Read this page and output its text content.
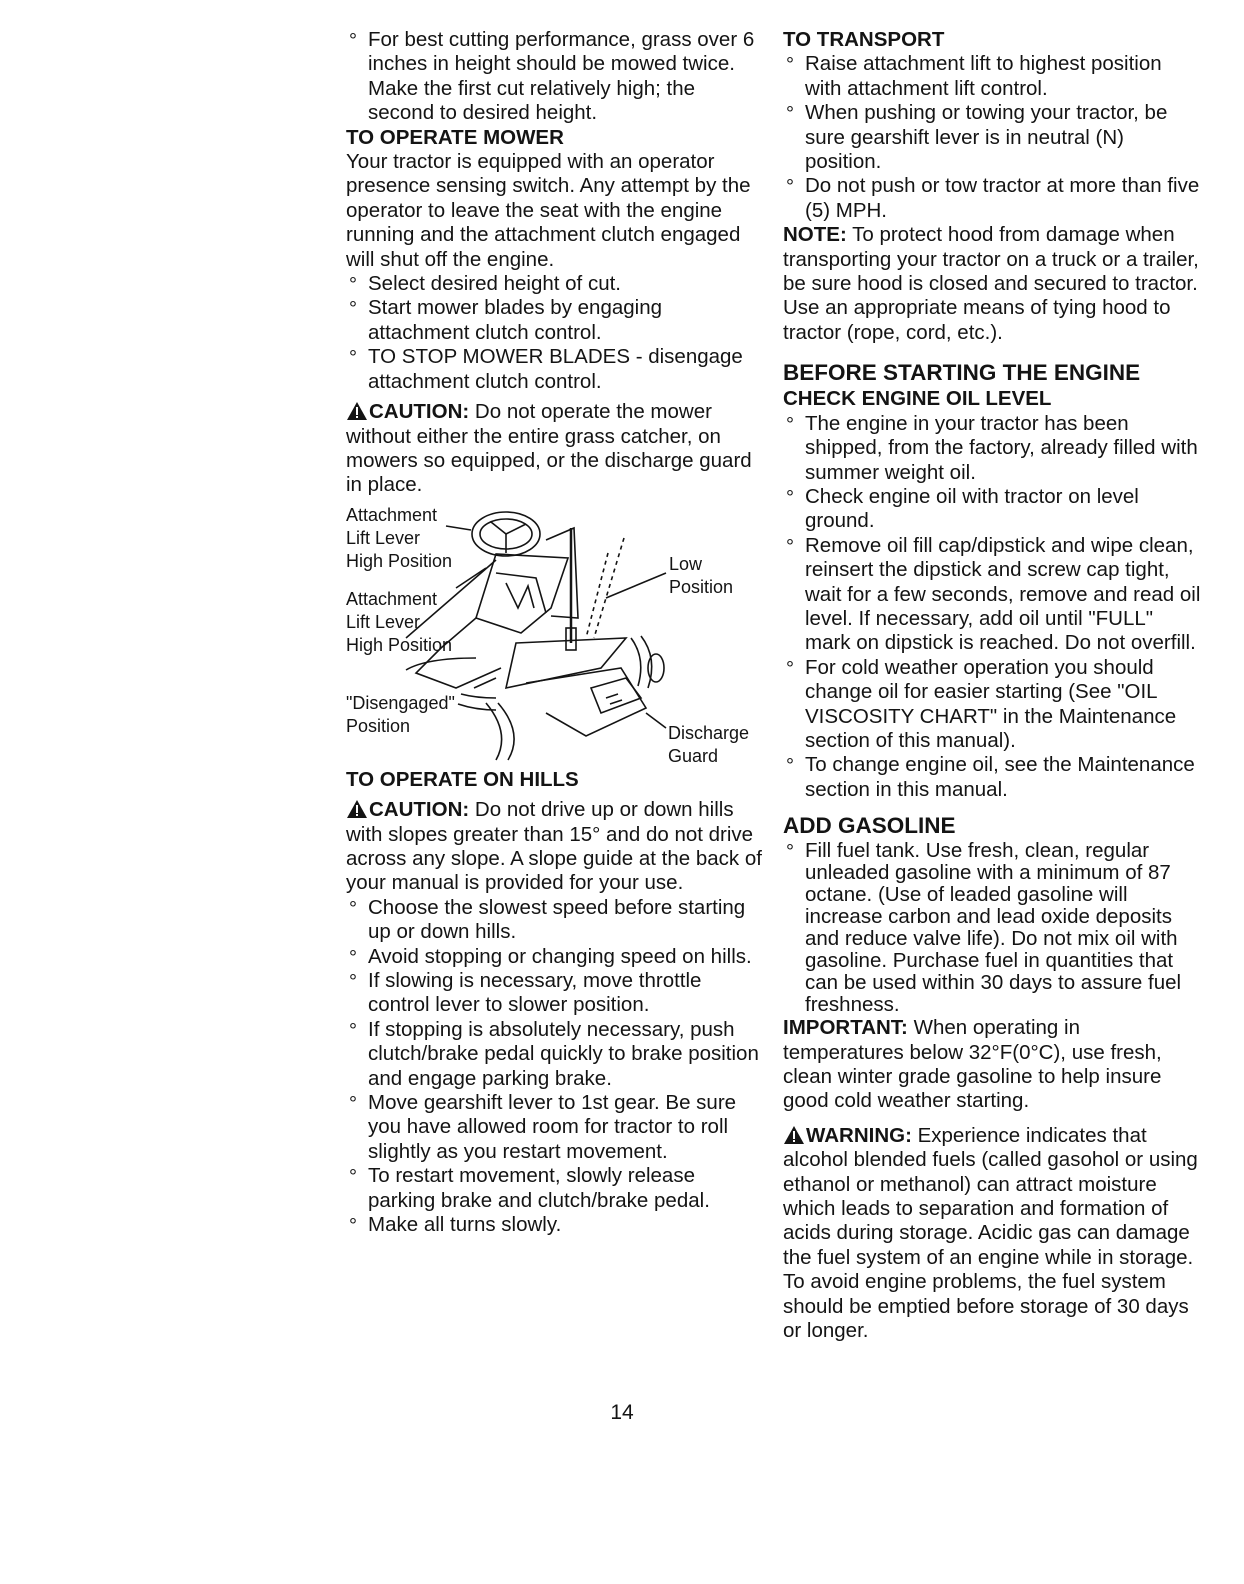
° For best cutting performance, grass over 6 inches in height should be mowed twice. Make the first cut relatively high; the second to desired height.
TO OPERATE MOWER

Your tractor is equipped with an operator presence sensing switch. Any attempt by the operator to leave the seat with the engine running and the attachment clutch engaged will shut off the engine.

° Select desired height of cut.
° Start mower blades by engaging attachment clutch control.
° TO STOP MOWER BLADES - disengage attachment clutch control.

CAUTION: Do not operate the mower without either the entire grass catcher, on mowers so equipped, or the discharge guard in place.

Attachment
Lift Lever
High Position
Attachment
Lift Lever
High Position
Low
Position
"Disengaged"
Position	Discharge
Guard
TO OPERATE ON HILLS

CAUTION: Do not drive up or down hills with slopes greater than 15° and do not drive across any slope. A slope guide at the back of your manual is provided for your use.

° Choose the slowest speed before starting up or down hills.
° Avoid stopping or changing speed on hills.
° If slowing is necessary, move throttle control lever to slower position.
° If stopping is absolutely necessary, push clutch/brake pedal quickly to brake position and engage parking brake.
° Move gearshift lever to 1st gear. Be sure you have allowed room for tractor to roll slightly as you restart movement.
° To restart movement, slowly release parking brake and clutch/brake pedal.
° Make all turns slowly.
TO TRANSPORT
° Raise attachment lift to highest position with attachment lift control.
° When pushing or towing your tractor, be sure gearshift lever is in neutral (N) position.
° Do not push or tow tractor at more than five (5) MPH.

NOTE: To protect hood from damage when transporting your tractor on a truck or a trailer, be sure hood is closed and secured to tractor. Use an appropriate means of tying hood to tractor (rope, cord, etc.).

BEFORE STARTING THE ENGINE
CHECK ENGINE OIL LEVEL
° The engine in your tractor has been shipped, from the factory, already filled with summer weight oil.
° Check engine oil with tractor on level ground.
° Remove oil fill cap/dipstick and wipe clean, reinsert the dipstick and screw cap tight, wait for a few seconds, remove and read oil level. If necessary, add oil until "FULL" mark on dipstick is reached. Do not overfill.
° For cold weather operation you should change oil for easier starting (See "OIL VISCOSITY CHART" in the Maintenance section of this manual).
° To change engine oil, see the Maintenance section in this manual.
ADD GASOLINE
° Fill fuel tank. Use fresh, clean, regular unleaded gasoline with a minimum of 87 octane. (Use of leaded gasoline will increase carbon and lead oxide deposits and reduce valve life). Do not mix oil with gasoline. Purchase fuel in quantities that can be used within 30 days to assure fuel freshness.

IMPORTANT: When operating in temperatures below 32°F(0°C), use fresh, clean winter grade gasoline to help insure good cold weather starting.

WARNING: Experience indicates that alcohol blended fuels (called gasohol or using ethanol or methanol) can attract moisture which leads to separation and formation of acids during storage. Acidic gas can damage the fuel system of an engine while in storage. To avoid engine problems, the fuel system should be emptied before storage of 30 days or longer.

14
